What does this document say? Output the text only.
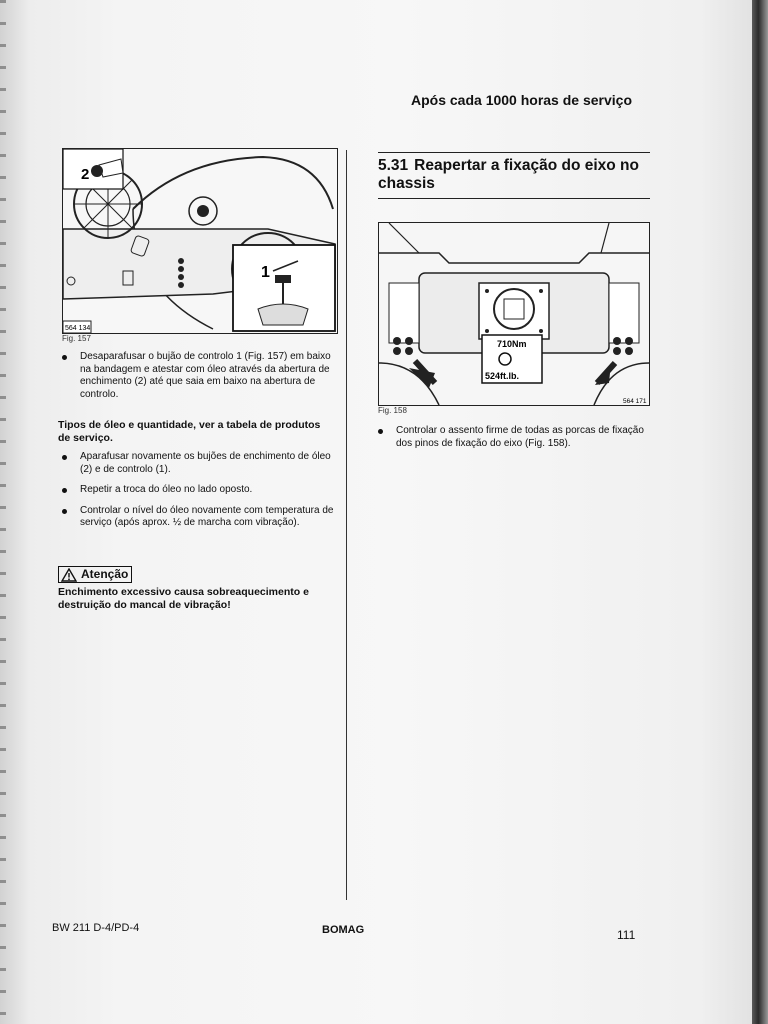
Após cada 1000 horas de serviço
2
1
564 134
Fig. 157
Desaparafusar o bujão de controlo 1 (Fig. 157) em baixo na bandagem e atestar com óleo através da abertura de enchimento (2) até que saia em baixo na abertura de controlo.
Tipos de óleo e quantidade, ver a tabela de produtos de serviço.
Aparafusar novamente os bujões de enchimento de óleo (2) e de controlo (1).
Repetir a troca do óleo no lado oposto.
Controlar o nível do óleo novamente com temperatura de serviço (após aprox. ½ de marcha com vibração).
Atenção
Enchimento excessivo causa sobreaquecimento e destruição do mancal de vibração!
5.31 Reapertar a fixação do eixo no chassis
710Nm
524ft.lb.
564 171
Fig. 158
Controlar o assento firme de todas as porcas de fixação dos pinos de fixação do eixo (Fig. 158).
BW 211 D-4/PD-4	BOMAG	111
